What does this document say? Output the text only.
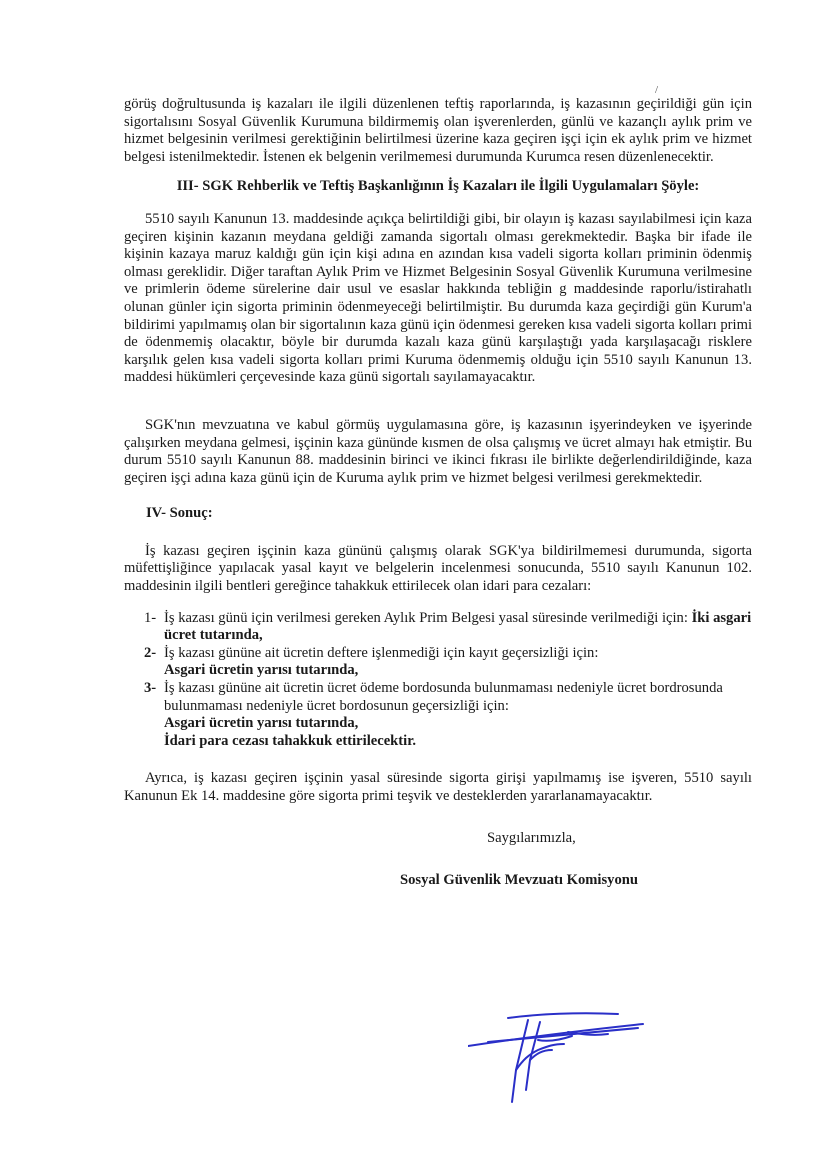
/

görüş doğrultusunda iş kazaları ile ilgili düzenlenen teftiş raporlarında, iş kazasının geçirildiği gün için sigortalısını Sosyal Güvenlik Kurumuna bildirmemiş olan işverenlerden, günlü ve kazançlı aylık prim ve hizmet belgesinin verilmesi gerektiğinin belirtilmesi üzerine kaza geçiren işçi için ek aylık prim ve hizmet belgesi istenilmektedir. İstenen ek belgenin verilmemesi durumunda Kurumca resen düzenlenecektir.

III- SGK Rehberlik ve Teftiş Başkanlığının İş Kazaları ile İlgili Uygulamaları Şöyle:

5510 sayılı Kanunun 13. maddesinde açıkça belirtildiği gibi, bir olayın iş kazası sayılabilmesi için kaza geçiren kişinin kazanın meydana geldiği zamanda sigortalı olması gerekmektedir. Başka bir ifade ile kişinin kazaya maruz kaldığı gün için kişi adına en azından kısa vadeli sigorta kolları priminin ödenmiş olması gereklidir. Diğer taraftan Aylık Prim ve Hizmet Belgesinin Sosyal Güvenlik Kurumuna verilmesine ve primlerin ödeme sürelerine dair usul ve esaslar hakkında tebliğin g maddesinde raporlu/istirahatlı olunan günler için sigorta priminin ödenmeyeceği belirtilmiştir. Bu durumda kaza geçirdiği gün Kurum'a bildirimi yapılmamış olan bir sigortalının kaza günü için ödenmesi gereken kısa vadeli sigorta kolları primi de ödenmemiş olacaktır, böyle bir durumda kazalı kaza günü karşılaştığı yada karşılaşacağı risklere karşılık gelen kısa vadeli sigorta kolları primi Kuruma ödenmemiş olduğu için 5510 sayılı Kanunun 13. maddesi hükümleri çerçevesinde kaza günü sigortalı sayılamayacaktır.

SGK'nın mevzuatına ve kabul görmüş uygulamasına göre, iş kazasının işyerindeyken ve işyerinde çalışırken meydana gelmesi, işçinin kaza gününde kısmen de olsa çalışmış ve ücret almayı hak etmiştir. Bu durum 5510 sayılı Kanunun 88. maddesinin birinci ve ikinci fıkrası ile birlikte değerlendirildiğinde, kaza geçiren işçi adına kaza günü için de Kuruma aylık prim ve hizmet belgesi verilmesi gerekmektedir.

IV- Sonuç:

İş kazası geçiren işçinin kaza gününü çalışmış olarak SGK'ya bildirilmemesi durumunda, sigorta müfettişliğince yapılacak yasal kayıt ve belgelerin incelenmesi sonucunda, 5510 sayılı Kanunun 102. maddesinin ilgili bentleri gereğince tahakkuk ettirilecek olan idari para cezaları:

1- İş kazası günü için verilmesi gereken Aylık Prim Belgesi yasal süresinde verilmediği için: İki asgari ücret tutarında,
2- İş kazası gününe ait ücretin deftere işlenmediği için kayıt geçersizliği için:
Asgari ücretin yarısı tutarında,
3- İş kazası gününe ait ücretin ücret ödeme bordosunda bulunmaması nedeniyle ücret bordrosunda bulunmaması nedeniyle ücret bordosunun geçersizliği için:
Asgari ücretin yarısı tutarında,
İdari para cezası tahakkuk ettirilecektir.

Ayrıca, iş kazası geçiren işçinin yasal süresinde sigorta girişi yapılmamış ise işveren, 5510 sayılı Kanunun Ek 14. maddesine göre sigorta primi teşvik ve desteklerden yararlanamayacaktır.

Saygılarımızla,

Sosyal Güvenlik Mevzuatı Komisyonu
